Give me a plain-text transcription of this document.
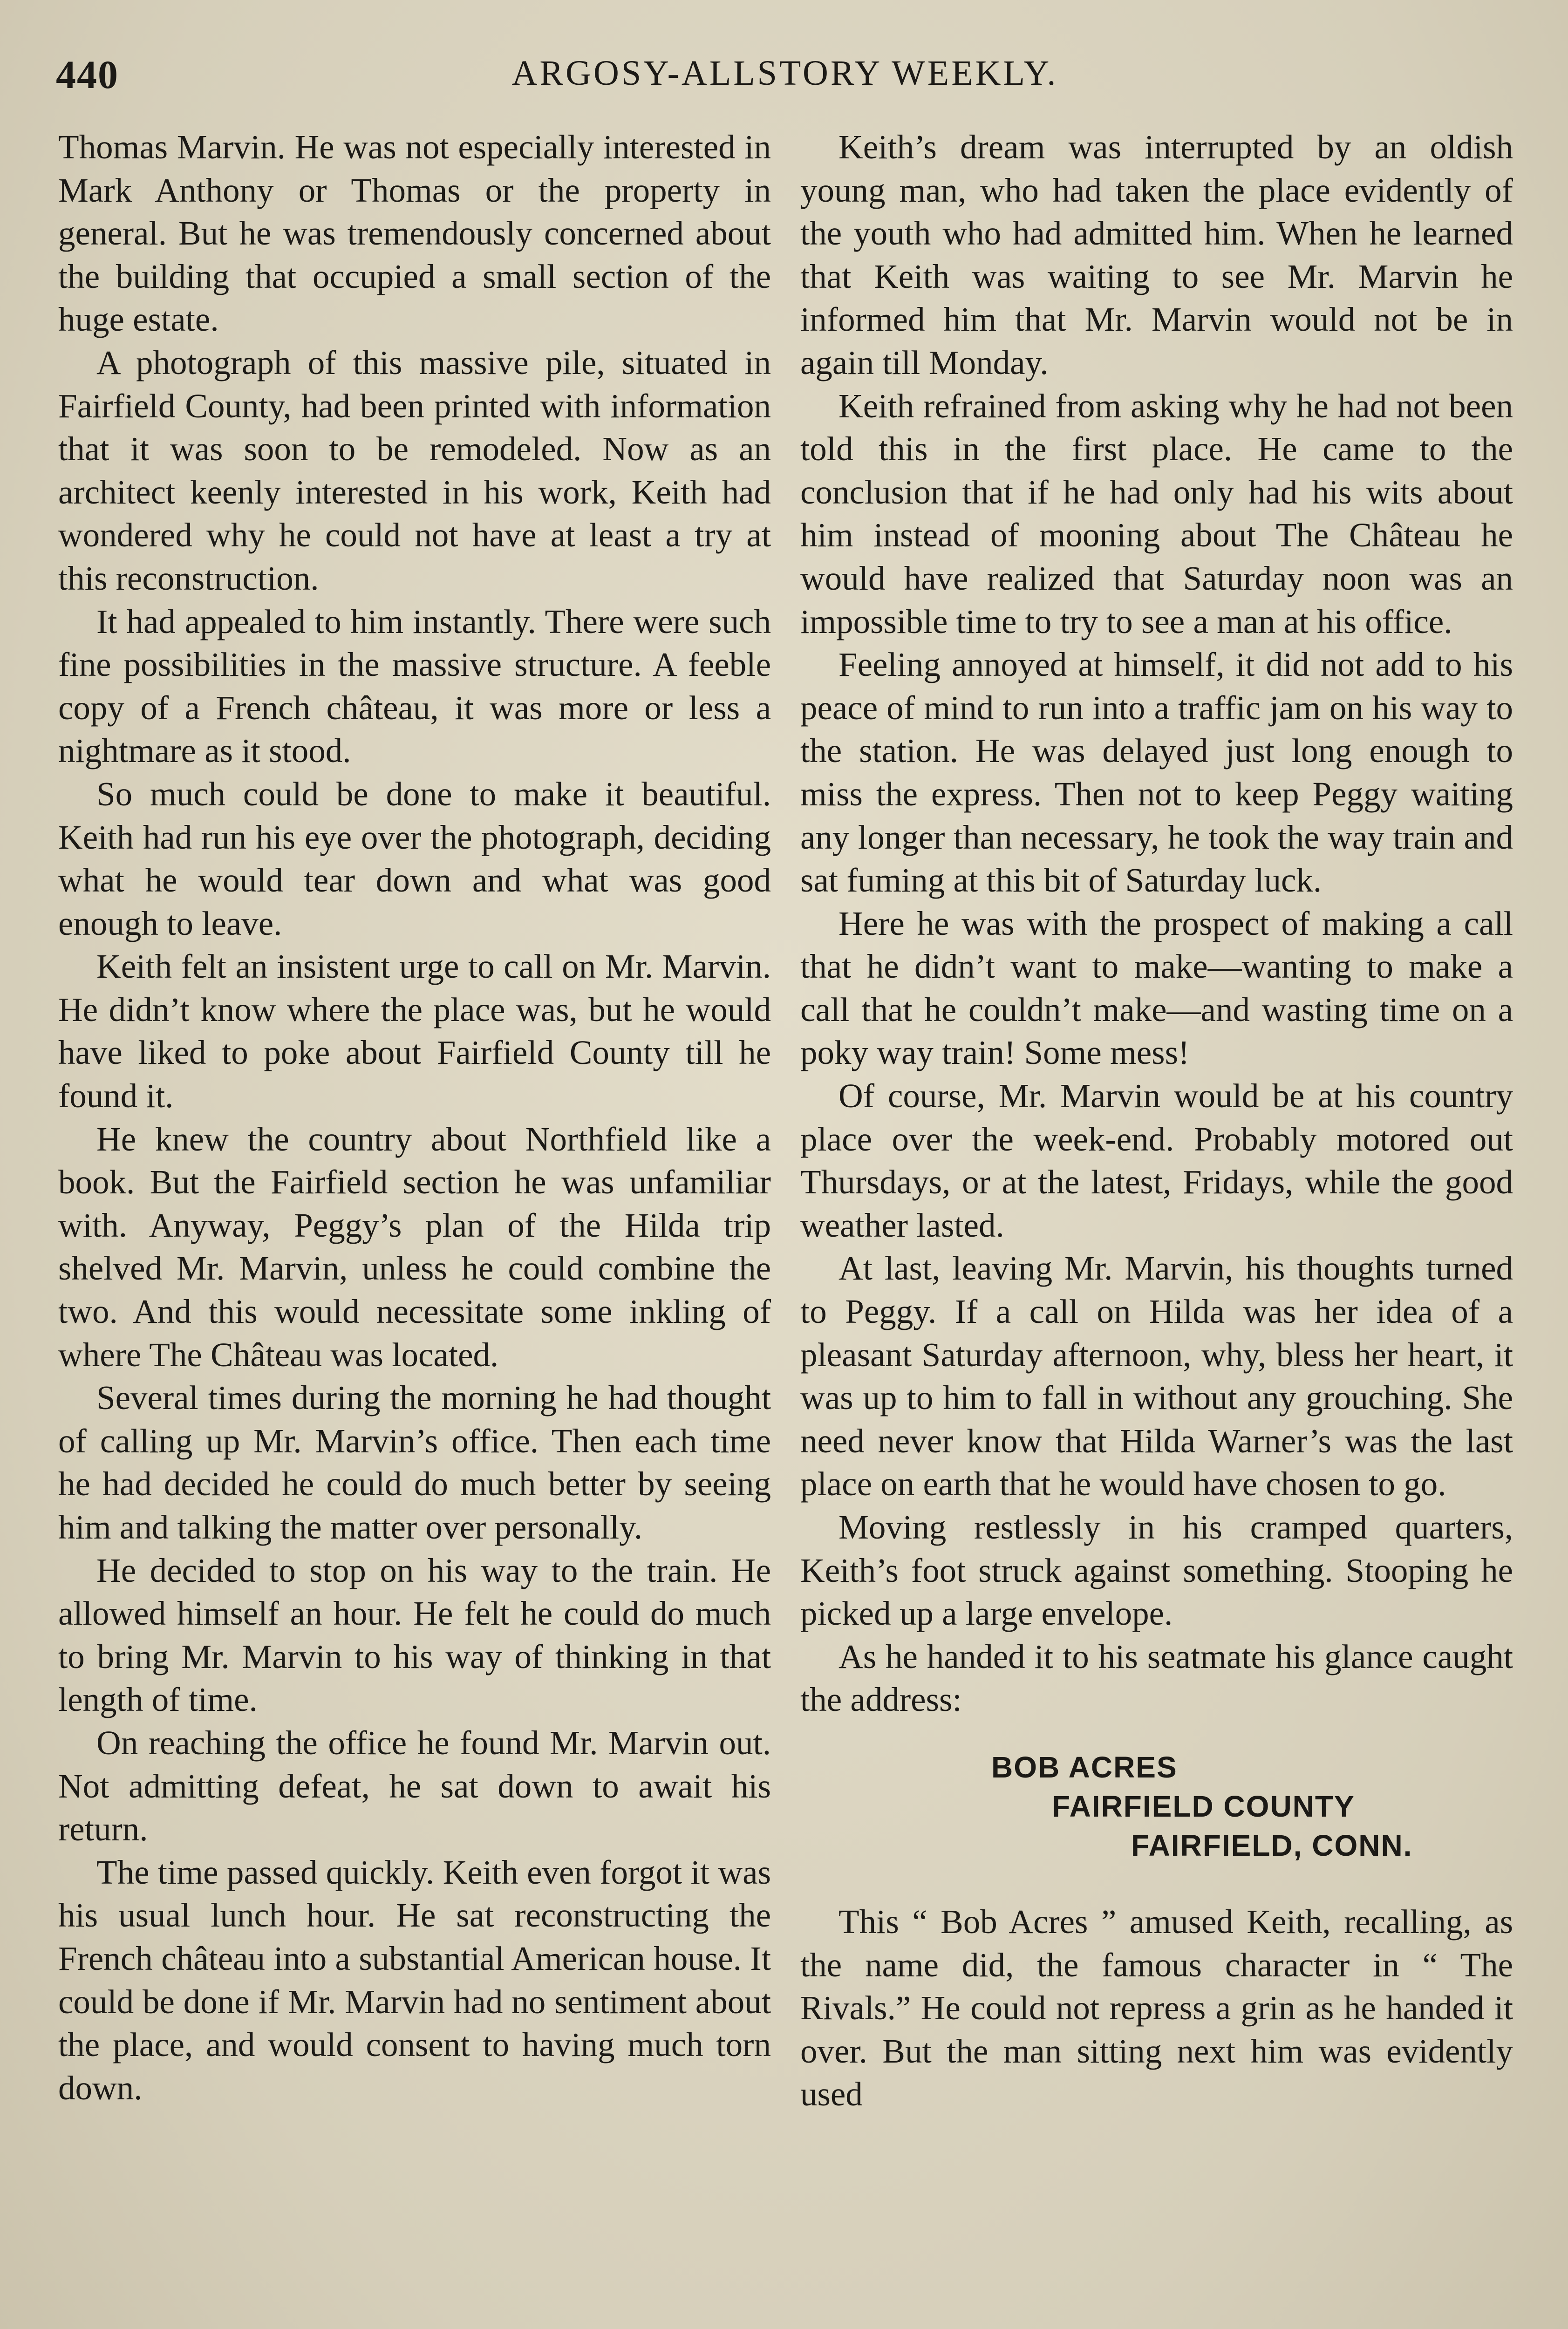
440	ARGOSY-ALLSTORY WEEKLY.

Thomas Marvin. He was not especially interested in Mark Anthony or Thomas or the property in general. But he was tremendously concerned about the building that occupied a small section of the huge estate.

A photograph of this massive pile, situated in Fairfield County, had been printed with information that it was soon to be remodeled. Now as an architect keenly interested in his work, Keith had wondered why he could not have at least a try at this reconstruction.

It had appealed to him instantly. There were such fine possibilities in the massive structure. A feeble copy of a French château, it was more or less a nightmare as it stood.

So much could be done to make it beautiful. Keith had run his eye over the photograph, deciding what he would tear down and what was good enough to leave.

Keith felt an insistent urge to call on Mr. Marvin. He didn’t know where the place was, but he would have liked to poke about Fairfield County till he found it.

He knew the country about Northfield like a book. But the Fairfield section he was unfamiliar with. Anyway, Peggy’s plan of the Hilda trip shelved Mr. Marvin, unless he could combine the two. And this would necessitate some inkling of where The Château was located.

Several times during the morning he had thought of calling up Mr. Marvin’s office. Then each time he had decided he could do much better by seeing him and talking the matter over personally.

He decided to stop on his way to the train. He allowed himself an hour. He felt he could do much to bring Mr. Marvin to his way of thinking in that length of time.

On reaching the office he found Mr. Marvin out. Not admitting defeat, he sat down to await his return.

The time passed quickly. Keith even forgot it was his usual lunch hour. He sat reconstructing the French château into a substantial American house. It could be done if Mr. Marvin had no sentiment about the place, and would consent to having much torn down.

Keith’s dream was interrupted by an oldish young man, who had taken the place evidently of the youth who had admitted him. When he learned that Keith was waiting to see Mr. Marvin he informed him that Mr. Marvin would not be in again till Monday.

Keith refrained from asking why he had not been told this in the first place. He came to the conclusion that if he had only had his wits about him instead of mooning about The Château he would have realized that Saturday noon was an impossible time to try to see a man at his office.

Feeling annoyed at himself, it did not add to his peace of mind to run into a traffic jam on his way to the station. He was delayed just long enough to miss the express. Then not to keep Peggy waiting any longer than necessary, he took the way train and sat fuming at this bit of Saturday luck.

Here he was with the prospect of making a call that he didn’t want to make—wanting to make a call that he couldn’t make—and wasting time on a poky way train! Some mess!

Of course, Mr. Marvin would be at his country place over the week-end. Probably motored out Thursdays, or at the latest, Fridays, while the good weather lasted.

At last, leaving Mr. Marvin, his thoughts turned to Peggy. If a call on Hilda was her idea of a pleasant Saturday afternoon, why, bless her heart, it was up to him to fall in without any grouching. She need never know that Hilda Warner’s was the last place on earth that he would have chosen to go.

Moving restlessly in his cramped quarters, Keith’s foot struck against something. Stooping he picked up a large envelope.

As he handed it to his seatmate his glance caught the address:

BOB ACRES
FAIRFIELD COUNTY
FAIRFIELD, CONN.

This “ Bob Acres ” amused Keith, recalling, as the name did, the famous character in “ The Rivals.” He could not repress a grin as he handed it over. But the man sitting next him was evidently used
